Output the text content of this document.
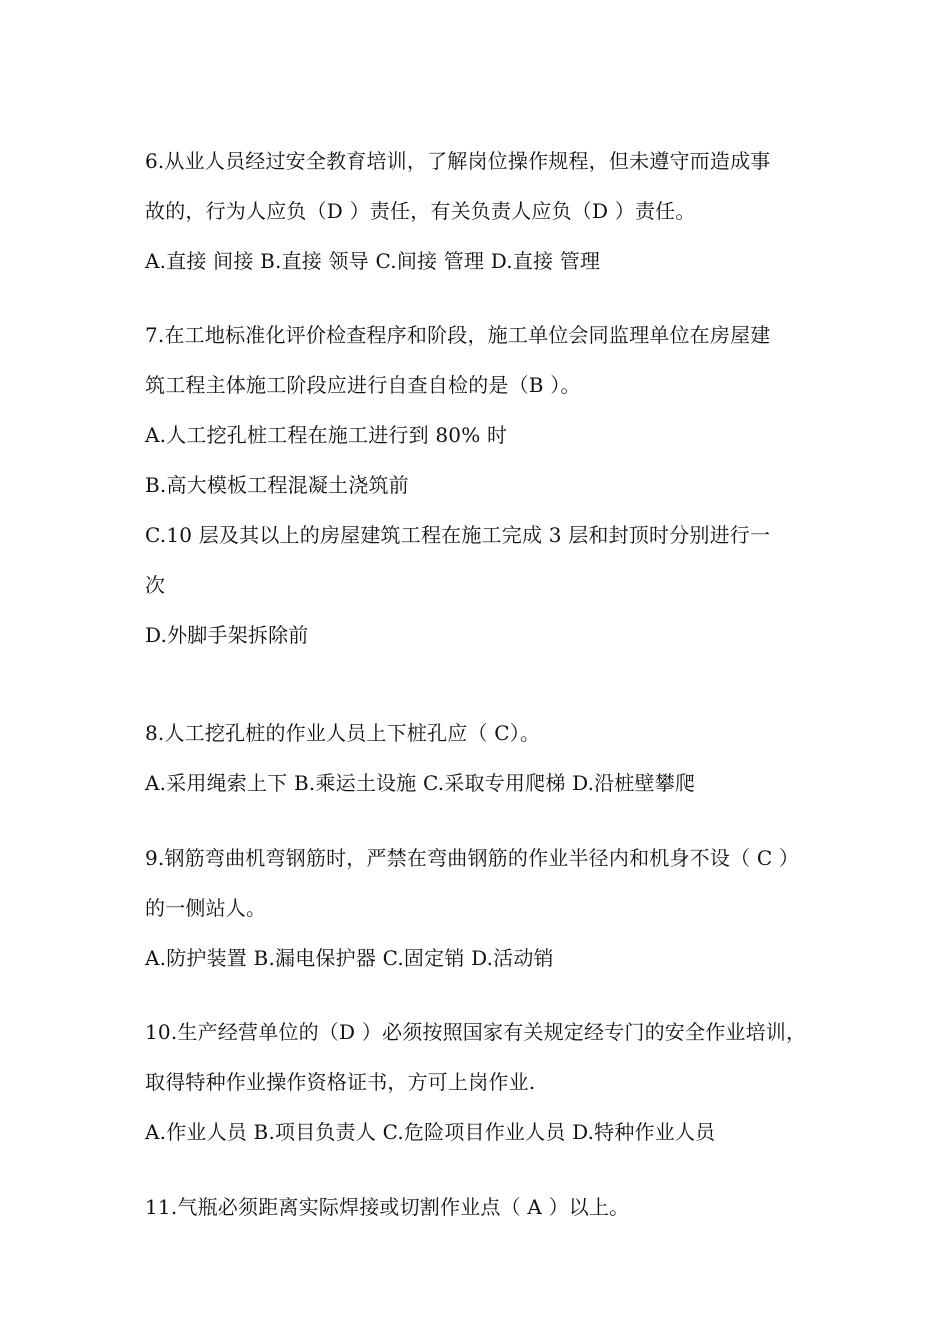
6.从业人员经过安全教育培训，了解岗位操作规程，但未遵守而造成事
故的，行为人应负（D ）责任，有关负责人应负（D ）责任。
A.直接 间接 B.直接 领导 C.间接 管理 D.直接 管理
7.在工地标准化评价检查程序和阶段，施工单位会同监理单位在房屋建
筑工程主体施工阶段应进行自查自检的是（B ）。
A.人工挖孔桩工程在施工进行到 80% 时
B.高大模板工程混凝土浇筑前
C.10 层及其以上的房屋建筑工程在施工完成 3 层和封顶时分别进行一
次
D.外脚手架拆除前
8.人工挖孔桩的作业人员上下桩孔应（ C）。
A.采用绳索上下 B.乘运土设施 C.采取专用爬梯 D.沿桩壁攀爬
9.钢筋弯曲机弯钢筋时，严禁在弯曲钢筋的作业半径内和机身不设（ C ）
的一侧站人。
A.防护装置 B.漏电保护器 C.固定销 D.活动销
10.生产经营单位的（D ）必须按照国家有关规定经专门的安全作业培训，
取得特种作业操作资格证书，方可上岗作业.
A.作业人员 B.项目负责人 C.危险项目作业人员 D.特种作业人员
11.气瓶必须距离实际焊接或切割作业点（ A ）以上。
